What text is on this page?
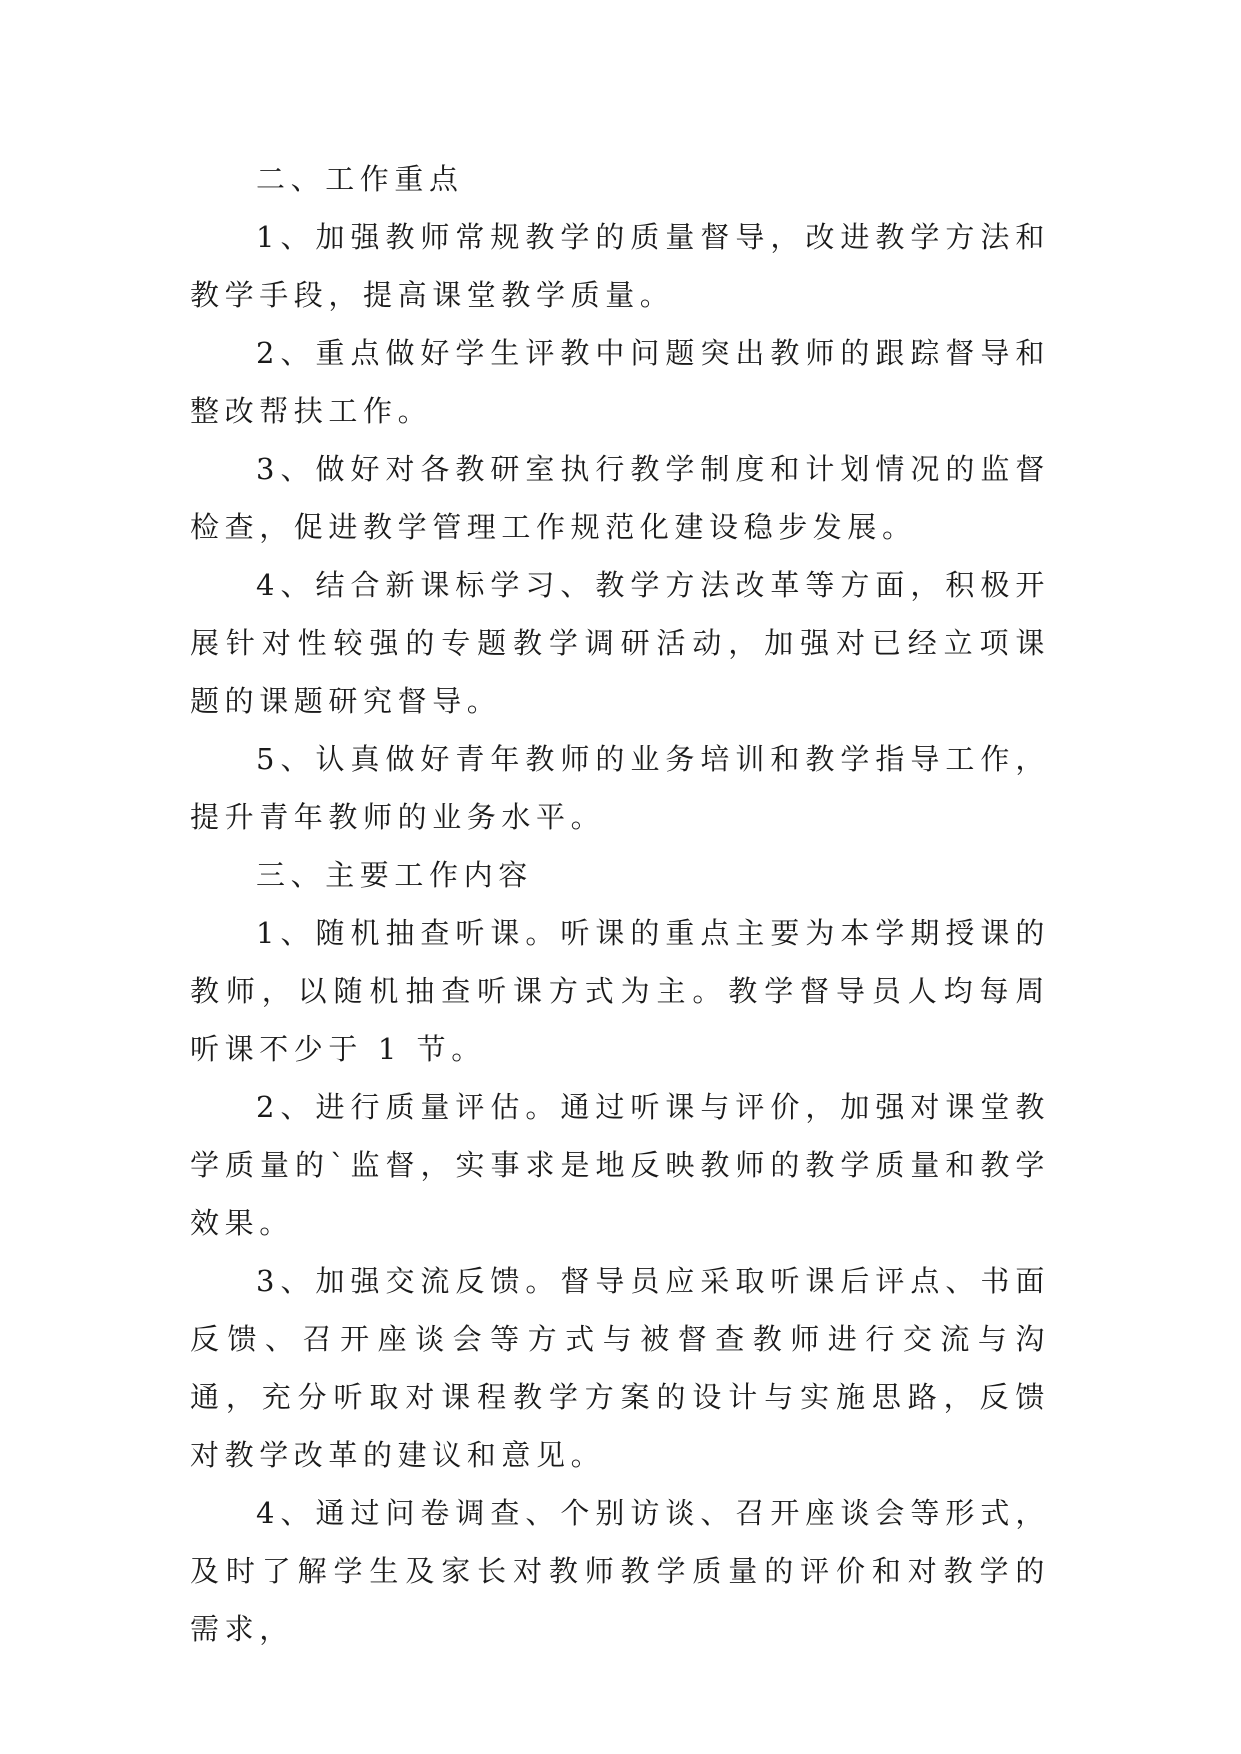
二、工作重点

1、加强教师常规教学的质量督导，改进教学方法和教学手段，提高课堂教学质量。

2、重点做好学生评教中问题突出教师的跟踪督导和整改帮扶工作。

3、做好对各教研室执行教学制度和计划情况的监督检查，促进教学管理工作规范化建设稳步发展。

4、结合新课标学习、教学方法改革等方面，积极开展针对性较强的专题教学调研活动，加强对已经立项课题的课题研究督导。

5、认真做好青年教师的业务培训和教学指导工作，提升青年教师的业务水平。

三、主要工作内容

1、随机抽查听课。听课的重点主要为本学期授课的教师，以随机抽查听课方式为主。教学督导员人均每周听课不少于 1 节。

2、进行质量评估。通过听课与评价，加强对课堂教学质量的`监督，实事求是地反映教师的教学质量和教学效果。

3、加强交流反馈。督导员应采取听课后评点、书面反馈、召开座谈会等方式与被督查教师进行交流与沟通，充分听取对课程教学方案的设计与实施思路，反馈对教学改革的建议和意见。

4、通过问卷调查、个别访谈、召开座谈会等形式，及时了解学生及家长对教师教学质量的评价和对教学的需求，
